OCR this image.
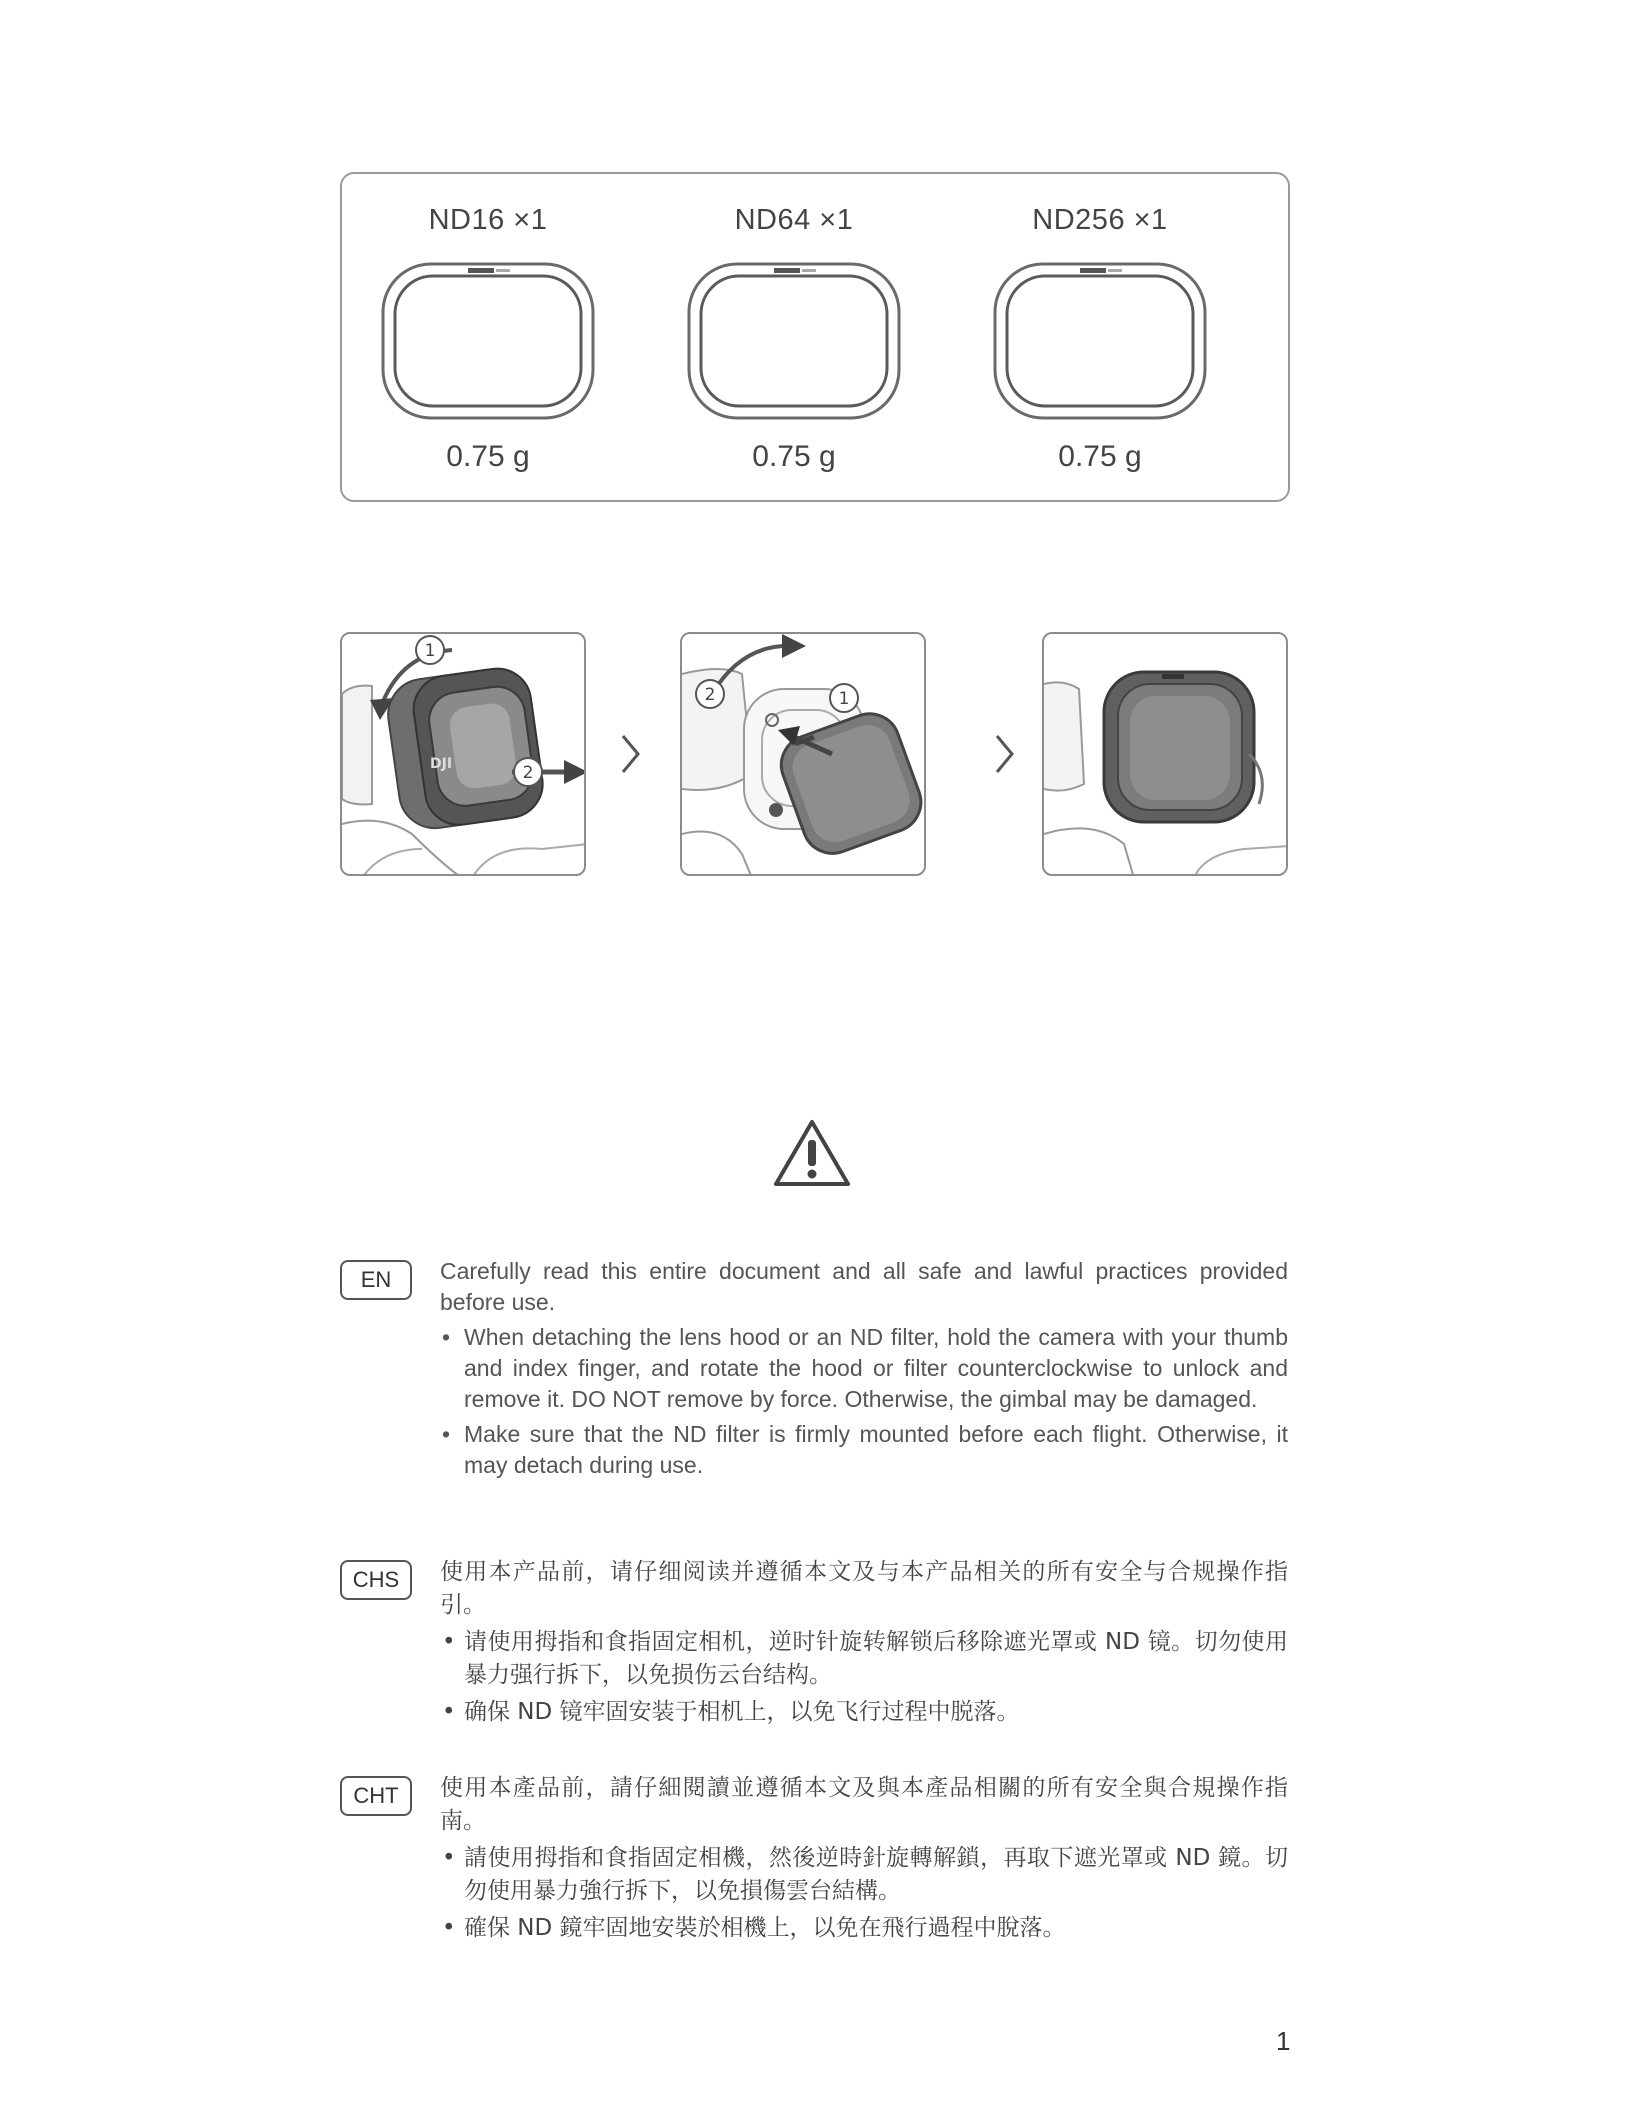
ND16 ×1
0.75 g
ND64 ×1
0.75 g
ND256 ×1
0.75 g
DJI
1
2
2	1
EN	Carefully read this entire document and all safe and lawful practices provided before use.
• When detaching the lens hood or an ND filter, hold the camera with your thumb and index finger, and rotate the hood or filter counterclockwise to unlock and remove it. DO NOT remove by force. Otherwise, the gimbal may be damaged.
• Make sure that the ND filter is firmly mounted before each flight. Otherwise, it may detach during use.
CHS	使用本产品前，请仔细阅读并遵循本文及与本产品相关的所有安全与合规操作指引。
• 请使用拇指和食指固定相机，逆时针旋转解锁后移除遮光罩或 ND 镜。切勿使用暴力强行拆下，以免损伤云台结构。
• 确保 ND 镜牢固安装于相机上，以免飞行过程中脱落。
CHT	使用本產品前，請仔細閱讀並遵循本文及與本產品相關的所有安全與合規操作指南。
• 請使用拇指和食指固定相機，然後逆時針旋轉解鎖，再取下遮光罩或 ND 鏡。切勿使用暴力強行拆下，以免損傷雲台結構。
• 確保 ND 鏡牢固地安裝於相機上，以免在飛行過程中脫落。
1
